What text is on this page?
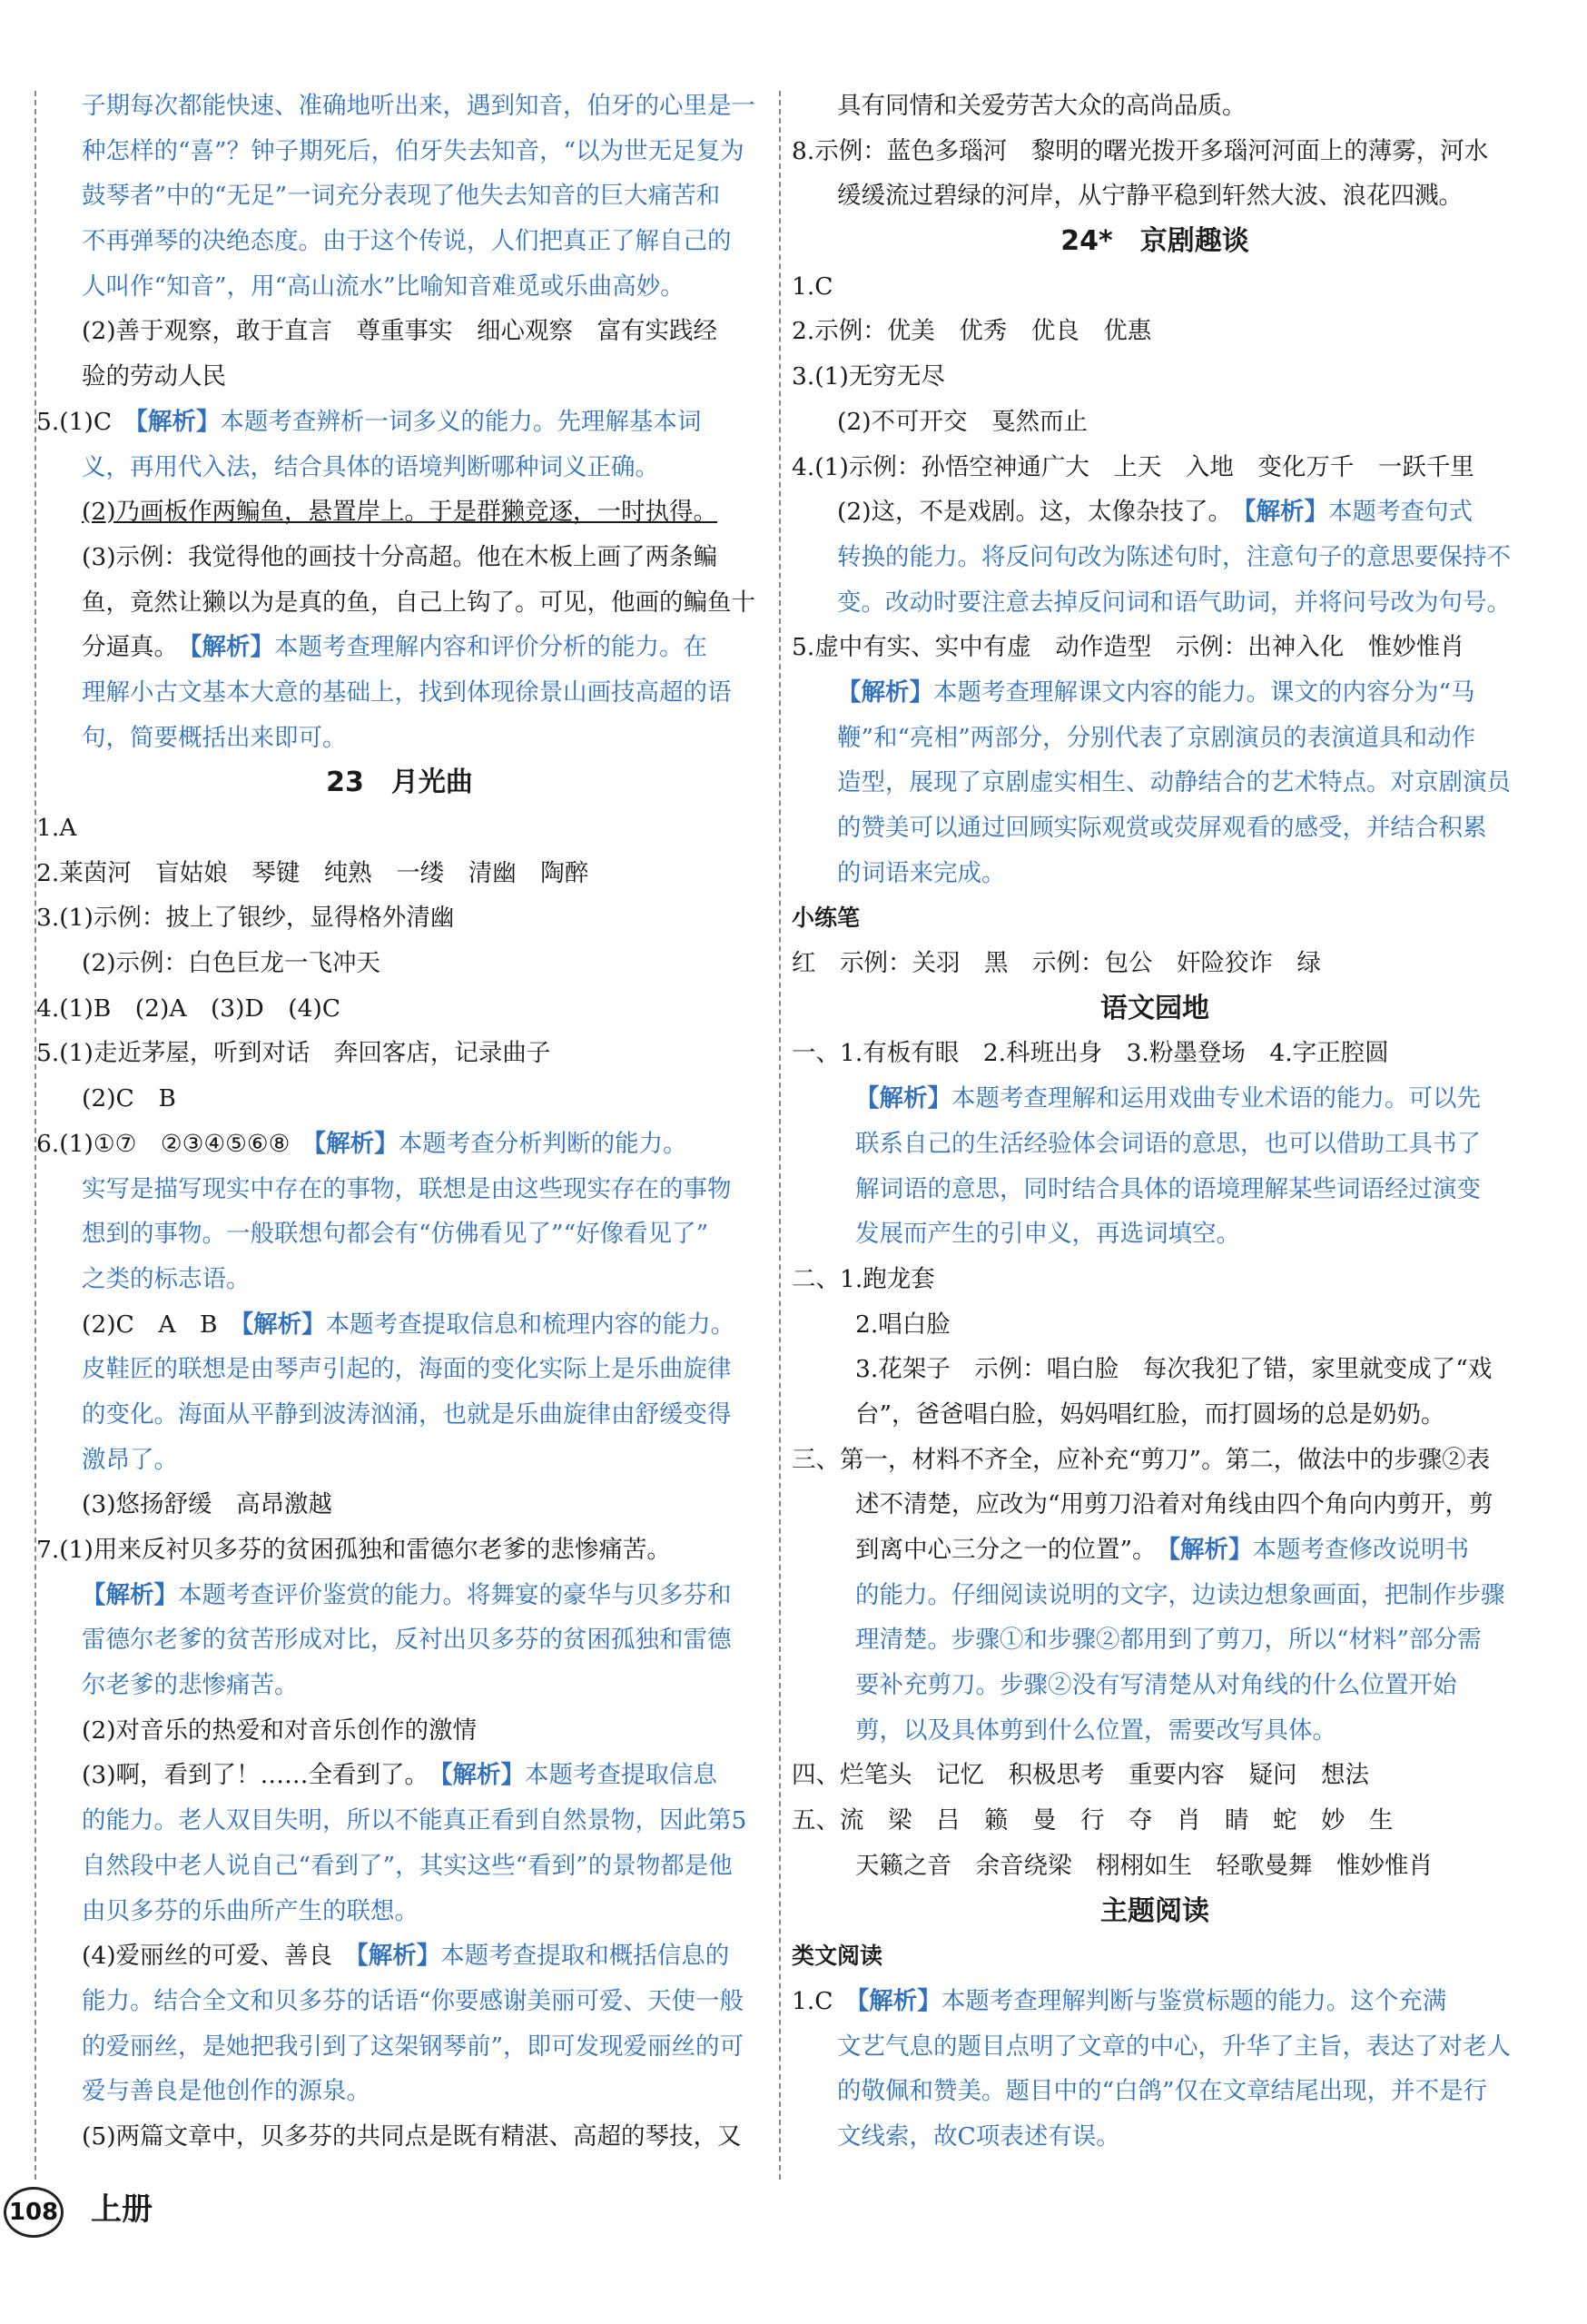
子期每次都能快速、准确地听出来，遇到知音，伯牙的心里是一
种怎样的“喜”？钟子期死后，伯牙失去知音，“以为世无足复为
鼓琴者”中的“无足”一词充分表现了他失去知音的巨大痛苦和
不再弹琴的决绝态度。由于这个传说，人们把真正了解自己的
人叫作“知音”，用“高山流水”比喻知音难觅或乐曲高妙。
(2)善于观察，敢于直言　尊重事实　细心观察　富有实践经
验的劳动人民
5.(1)C　【解析】本题考查辨析一词多义的能力。先理解基本词
义，再用代入法，结合具体的语境判断哪种词义正确。
(2)乃画板作两鳊鱼，悬置岸上。于是群獭竞逐，一时执得。
(3)示例：我觉得他的画技十分高超。他在木板上画了两条鳊
鱼，竟然让獭以为是真的鱼，自己上钩了。可见，他画的鳊鱼十
分逼真。　【解析】本题考查理解内容和评价分析的能力。在
理解小古文基本大意的基础上，找到体现徐景山画技高超的语
句，简要概括出来即可。
23　月光曲
1.A
2.莱茵河　盲姑娘　琴键　纯熟　一缕　清幽　陶醉
3.(1)示例：披上了银纱，显得格外清幽
(2)示例：白色巨龙一飞冲天
4.(1)B　(2)A　(3)D　(4)C
5.(1)走近茅屋，听到对话　奔回客店，记录曲子
(2)C　B
6.(1)①⑦　②③④⑤⑥⑧　【解析】本题考查分析判断的能力。
实写是描写现实中存在的事物，联想是由这些现实存在的事物
想到的事物。一般联想句都会有“仿佛看见了”“好像看见了”
之类的标志语。
(2)C　A　B　【解析】本题考查提取信息和梳理内容的能力。
皮鞋匠的联想是由琴声引起的，海面的变化实际上是乐曲旋律
的变化。海面从平静到波涛汹涌，也就是乐曲旋律由舒缓变得
激昂了。
(3)悠扬舒缓　高昂激越
7.(1)用来反衬贝多芬的贫困孤独和雷德尔老爹的悲惨痛苦。
【解析】本题考查评价鉴赏的能力。将舞宴的豪华与贝多芬和
雷德尔老爹的贫苦形成对比，反衬出贝多芬的贫困孤独和雷德
尔老爹的悲惨痛苦。
(2)对音乐的热爱和对音乐创作的激情
(3)啊，看到了！……全看到了。　【解析】本题考查提取信息
的能力。老人双目失明，所以不能真正看到自然景物，因此第5
自然段中老人说自己“看到了”，其实这些“看到”的景物都是他
由贝多芬的乐曲所产生的联想。
(4)爱丽丝的可爱、善良　【解析】本题考查提取和概括信息的
能力。结合全文和贝多芬的话语“你要感谢美丽可爱、天使一般
的爱丽丝，是她把我引到了这架钢琴前”，即可发现爱丽丝的可
爱与善良是他创作的源泉。
(5)两篇文章中，贝多芬的共同点是既有精湛、高超的琴技，又
具有同情和关爱劳苦大众的高尚品质。
8.示例：蓝色多瑙河　黎明的曙光拨开多瑙河河面上的薄雾，河水
缓缓流过碧绿的河岸，从宁静平稳到轩然大波、浪花四溅。
24*　京剧趣谈
1.C
2.示例：优美　优秀　优良　优惠
3.(1)无穷无尽
(2)不可开交　戛然而止
4.(1)示例：孙悟空神通广大　上天　入地　变化万千　一跃千里
(2)这，不是戏剧。这，太像杂技了。　【解析】本题考查句式
转换的能力。将反问句改为陈述句时，注意句子的意思要保持不
变。改动时要注意去掉反问词和语气助词，并将问号改为句号。
5.虚中有实、实中有虚　动作造型　示例：出神入化　惟妙惟肖
【解析】本题考查理解课文内容的能力。课文的内容分为“马
鞭”和“亮相”两部分，分别代表了京剧演员的表演道具和动作
造型，展现了京剧虚实相生、动静结合的艺术特点。对京剧演员
的赞美可以通过回顾实际观赏或荧屏观看的感受，并结合积累
的词语来完成。
小练笔
红　示例：关羽　黑　示例：包公　奸险狡诈　绿
语文园地
一、1.有板有眼　2.科班出身　3.粉墨登场　4.字正腔圆
【解析】本题考查理解和运用戏曲专业术语的能力。可以先
联系自己的生活经验体会词语的意思，也可以借助工具书了
解词语的意思，同时结合具体的语境理解某些词语经过演变
发展而产生的引申义，再选词填空。
二、1.跑龙套
2.唱白脸
3.花架子　示例：唱白脸　每次我犯了错，家里就变成了“戏
台”，爸爸唱白脸，妈妈唱红脸，而打圆场的总是奶奶。
三、第一，材料不齐全，应补充“剪刀”。第二，做法中的步骤②表
述不清楚，应改为“用剪刀沿着对角线由四个角向内剪开，剪
到离中心三分之一的位置”。　【解析】本题考查修改说明书
的能力。仔细阅读说明的文字，边读边想象画面，把制作步骤
理清楚。步骤①和步骤②都用到了剪刀，所以“材料”部分需
要补充剪刀。步骤②没有写清楚从对角线的什么位置开始
剪，以及具体剪到什么位置，需要改写具体。
四、烂笔头　记忆　积极思考　重要内容　疑问　想法
五、流　梁　吕　籁　曼　行　夺　肖　睛　蛇　妙　生
天籁之音　余音绕梁　栩栩如生　轻歌曼舞　惟妙惟肖
主题阅读
类文阅读
1.C　【解析】本题考查理解判断与鉴赏标题的能力。这个充满
文艺气息的题目点明了文章的中心，升华了主旨，表达了对老人
的敬佩和赞美。题目中的“白鸽”仅在文章结尾出现，并不是行
文线索，故C项表述有误。
108 上册
